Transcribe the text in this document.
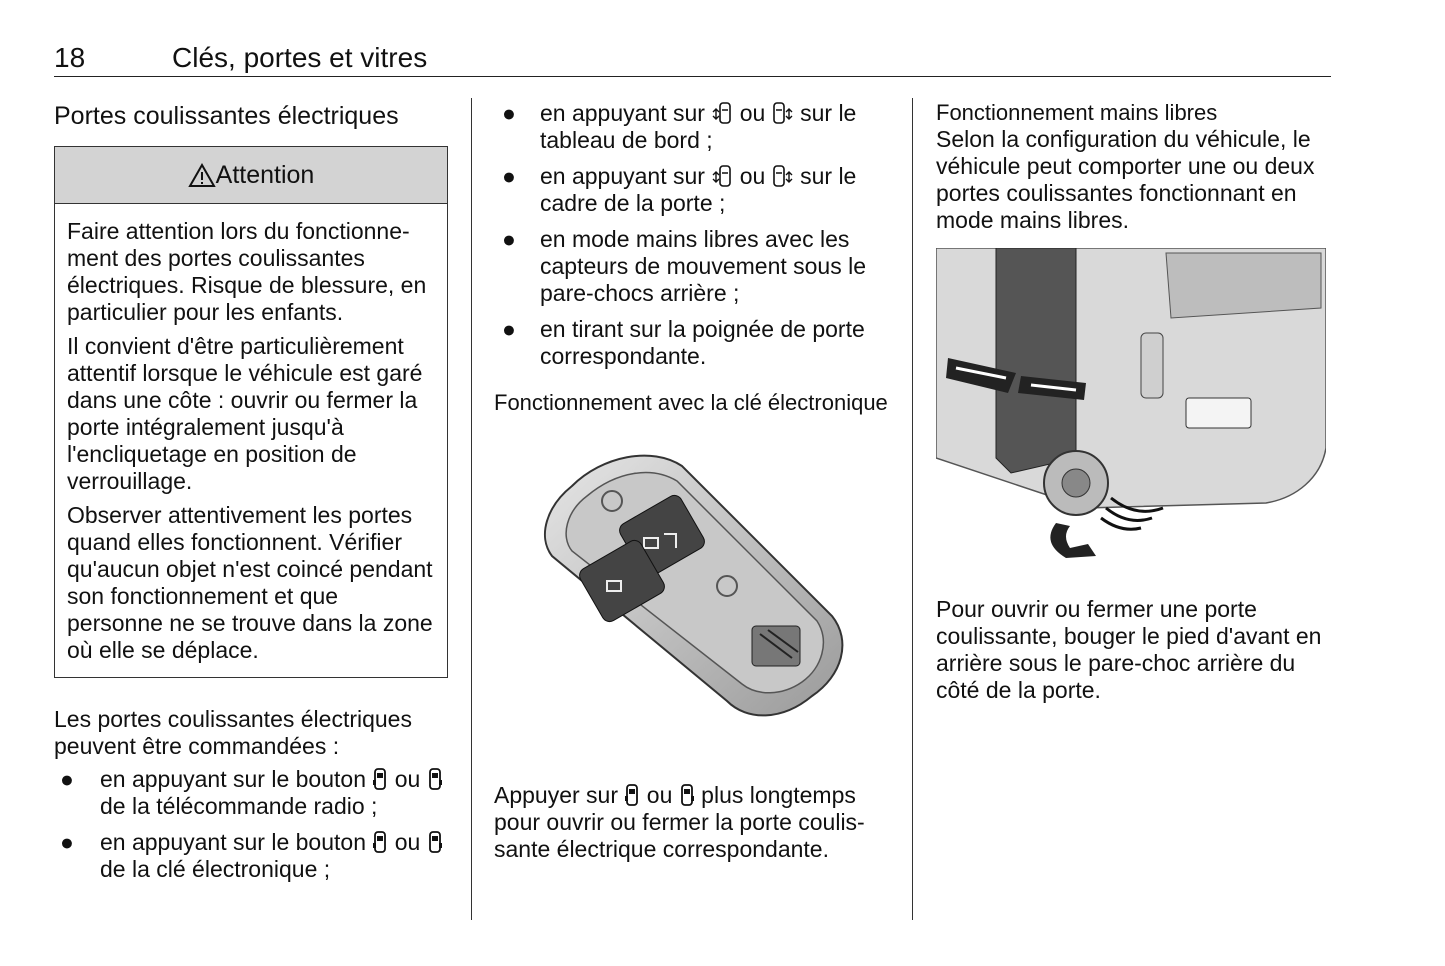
18	Clés, portes et vitres
Portes coulissantes électriques
Attention

Faire attention lors du fonctionne-ment des portes coulissantes électriques. Risque de blessure, en particulier pour les enfants.

Il convient d'être particulièrement attentif lorsque le véhicule est garé dans une côte : ouvrir ou fermer la porte intégralement jusqu'à l'encliquetage en position de verrouillage.

Observer attentivement les portes quand elles fonctionnent. Vérifier qu'aucun objet n'est coincé pendant son fonctionnement et que personne ne se trouve dans la zone où elle se déplace.

Les portes coulissantes électriques peuvent être commandées :

● en appuyant sur le bouton ou  de la télécommande radio ;
● en appuyant sur le bouton ou  de la clé électronique ;
● en appuyant sur ou sur le tableau de bord ;
● en appuyant sur ou sur le cadre de la porte ;
● en mode mains libres avec les capteurs de mouvement sous le pare-chocs arrière ;
● en tirant sur la poignée de porte correspondante.
Fonctionnement avec la clé électronique

Appuyer sur ou plus longtemps pour ouvrir ou fermer la porte coulis-sante électrique correspondante.

Fonctionnement mains libres

Selon la configuration du véhicule, le véhicule peut comporter une ou deux portes coulissantes fonctionnant en mode mains libres.

Pour ouvrir ou fermer une porte coulissante, bouger le pied d'avant en arrière sous le pare-choc arrière du côté de la porte.
